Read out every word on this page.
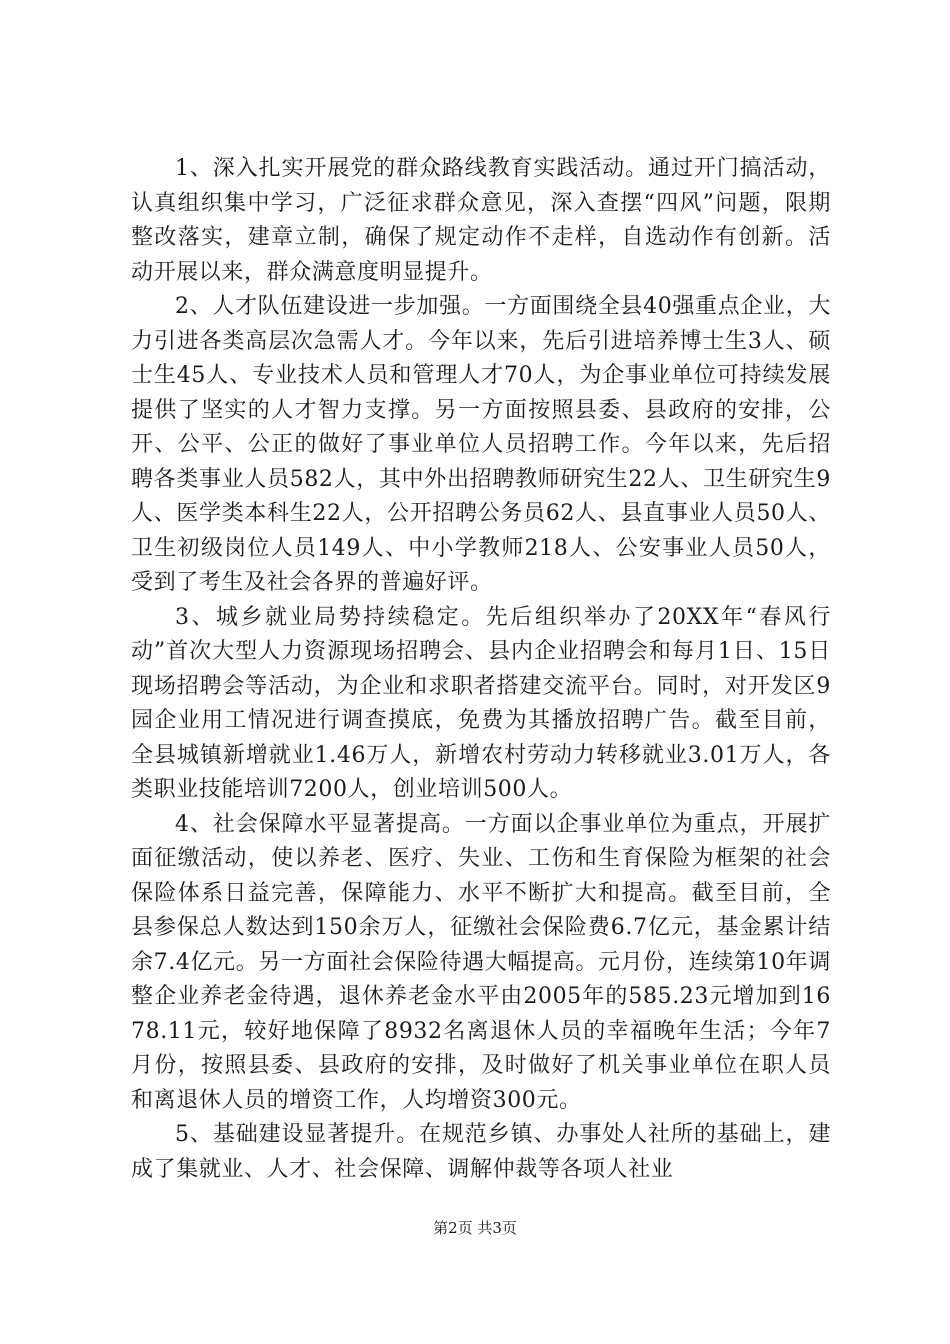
1、深入扎实开展党的群众路线教育实践活动。通过开门搞活动，认真组织集中学习，广泛征求群众意见，深入查摆“四风”问题，限期整改落实，建章立制，确保了规定动作不走样，自选动作有创新。活动开展以来，群众满意度明显提升。

2、人才队伍建设进一步加强。一方面围绕全县40强重点企业，大力引进各类高层次急需人才。今年以来，先后引进培养博士生3人、硕士生45人、专业技术人员和管理人才70人，为企事业单位可持续发展提供了坚实的人才智力支撑。另一方面按照县委、县政府的安排，公开、公平、公正的做好了事业单位人员招聘工作。今年以来，先后招聘各类事业人员582人，其中外出招聘教师研究生22人、卫生研究生9人、医学类本科生22人，公开招聘公务员62人、县直事业人员50人、卫生初级岗位人员149人、中小学教师218人、公安事业人员50人，受到了考生及社会各界的普遍好评。

3、城乡就业局势持续稳定。先后组织举办了20XX年“春风行动”首次大型人力资源现场招聘会、县内企业招聘会和每月1日、15日现场招聘会等活动，为企业和求职者搭建交流平台。同时，对开发区9园企业用工情况进行调查摸底，免费为其播放招聘广告。截至目前，全县城镇新增就业1.46万人，新增农村劳动力转移就业3.01万人，各类职业技能培训7200人，创业培训500人。

4、社会保障水平显著提高。一方面以企事业单位为重点，开展扩面征缴活动，使以养老、医疗、失业、工伤和生育保险为框架的社会保险体系日益完善，保障能力、水平不断扩大和提高。截至目前，全县参保总人数达到150余万人，征缴社会保险费6.7亿元，基金累计结余7.4亿元。另一方面社会保险待遇大幅提高。元月份，连续第10年调整企业养老金待遇，退休养老金水平由2005年的585.23元增加到1678.11元，较好地保障了8932名离退休人员的幸福晚年生活；今年7月份，按照县委、县政府的安排，及时做好了机关事业单位在职人员和离退休人员的增资工作，人均增资300元。

5、基础建设显著提升。在规范乡镇、办事处人社所的基础上，建成了集就业、人才、社会保障、调解仲裁等各项人社业

第2页 共3页
